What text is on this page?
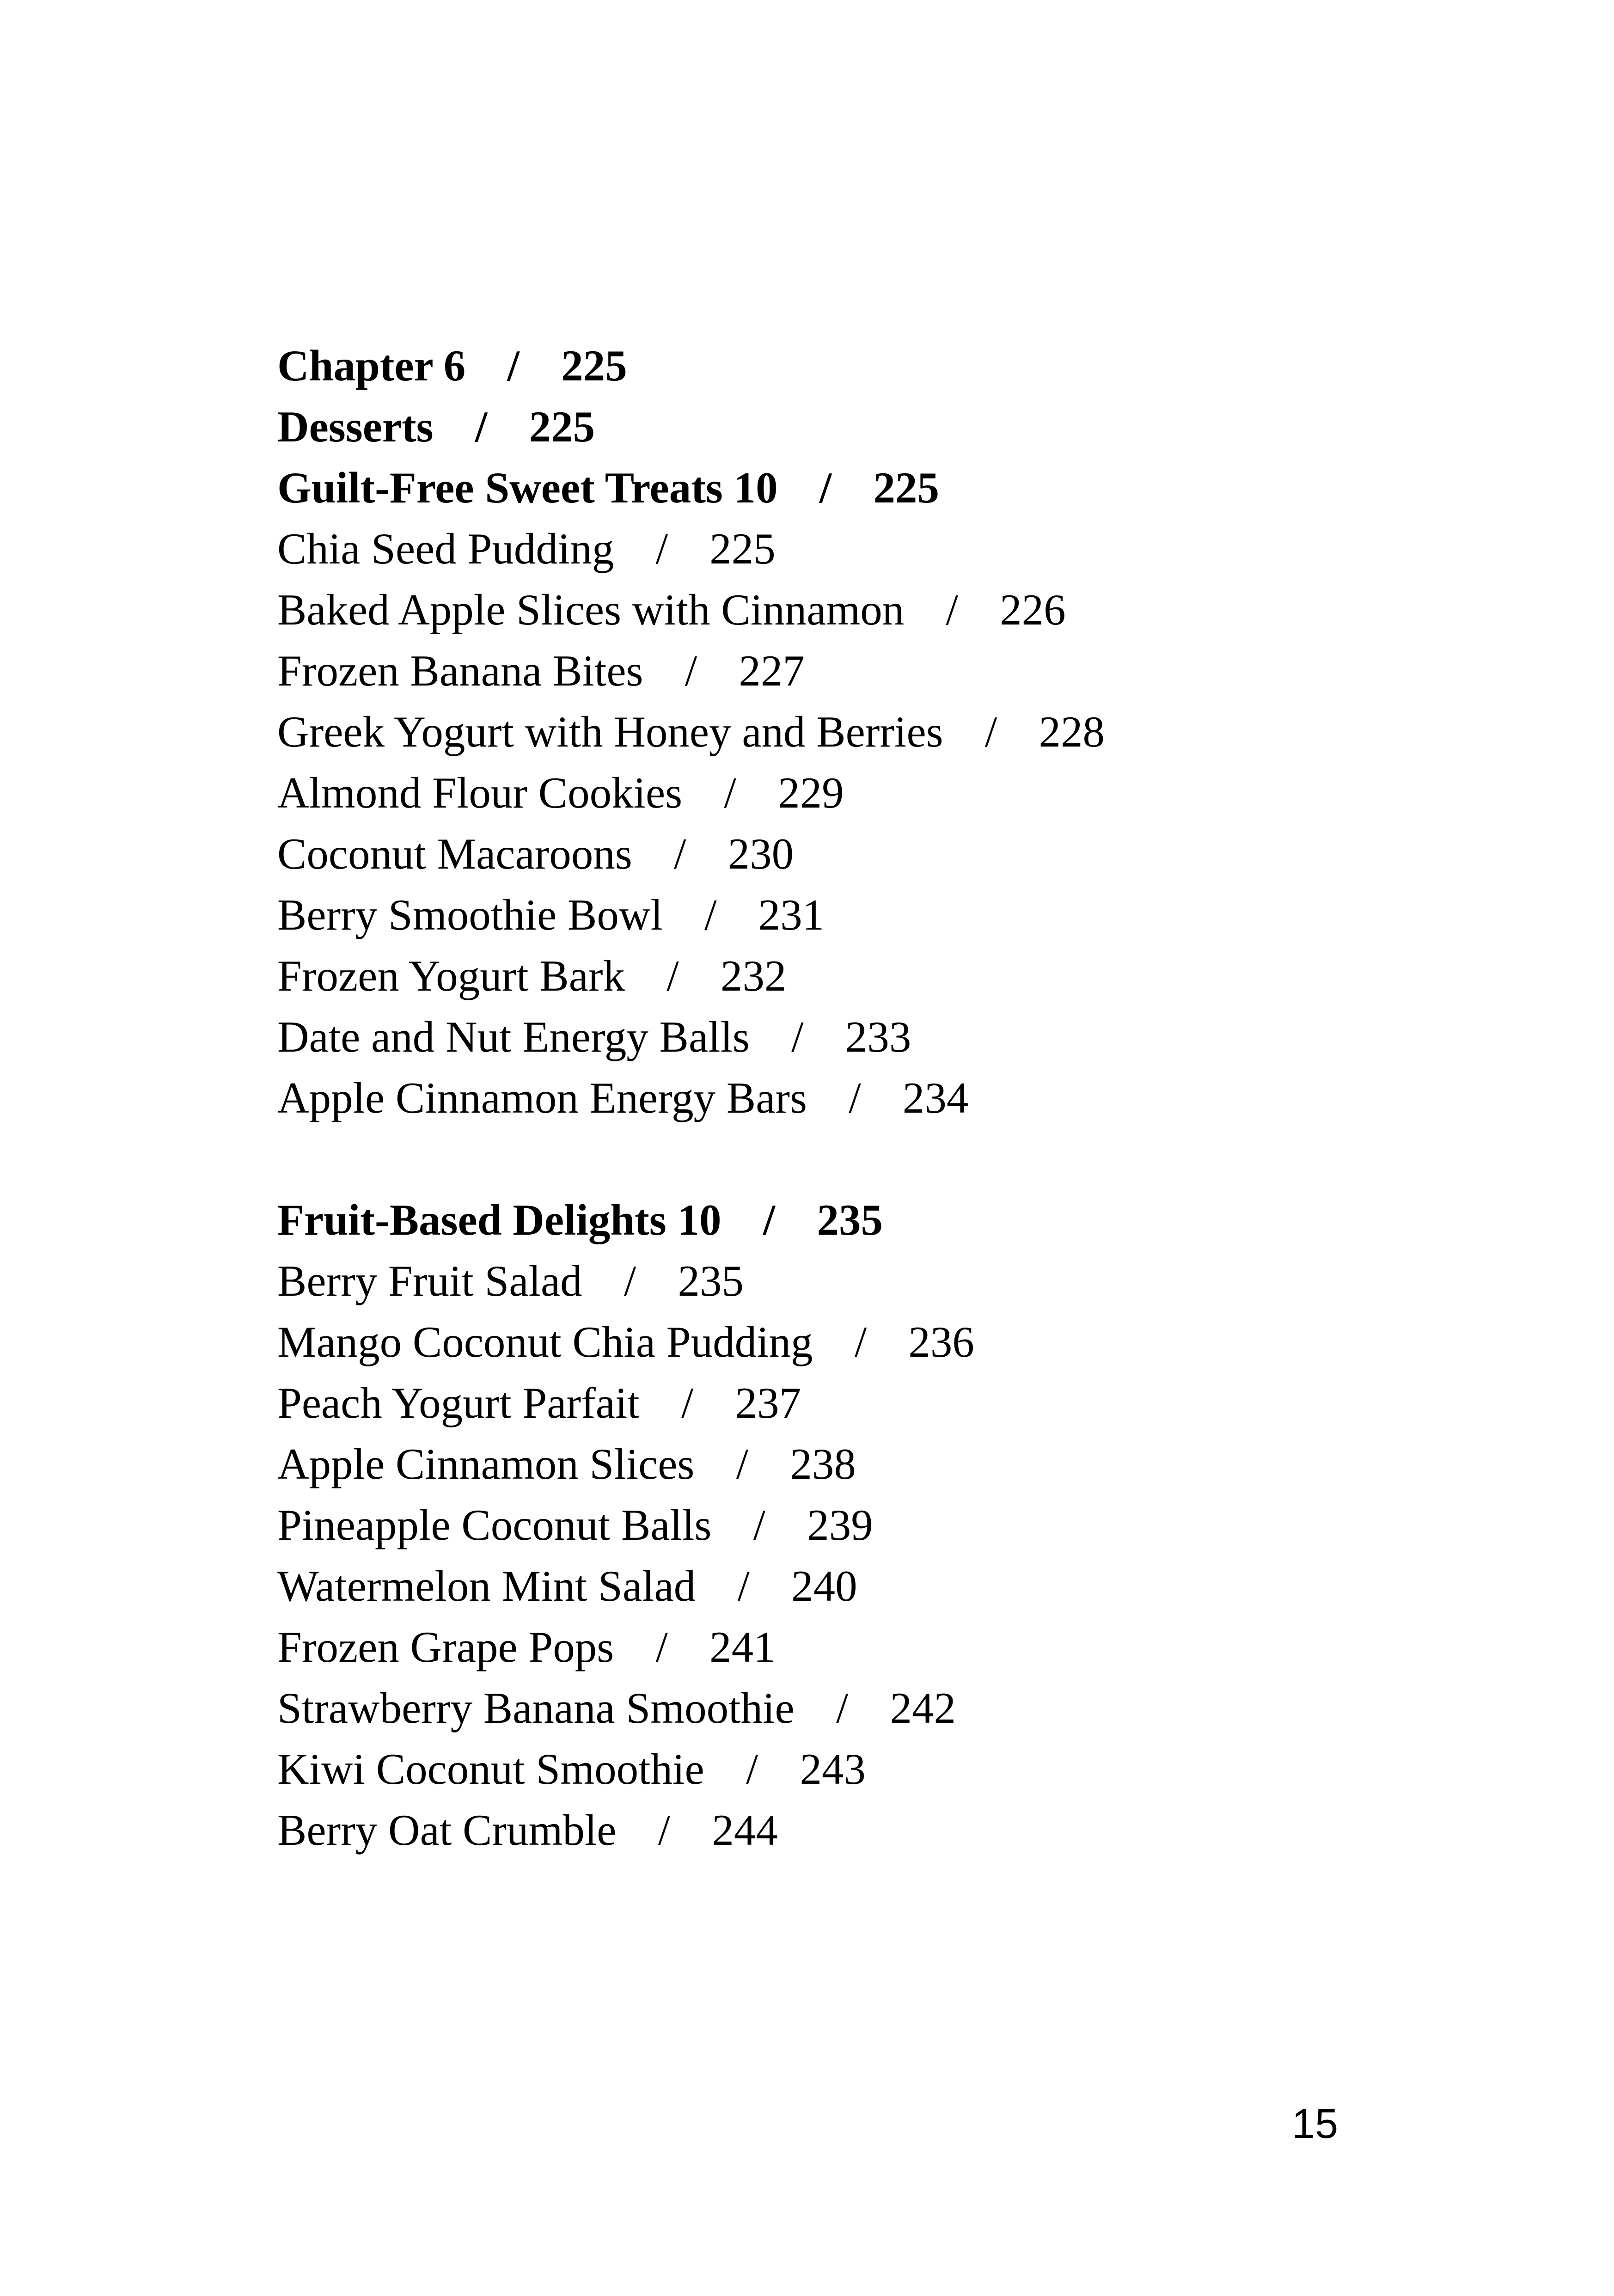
Chapter 6 / 225
Desserts / 225
Guilt-Free Sweet Treats 10 / 225
Chia Seed Pudding / 225
Baked Apple Slices with Cinnamon / 226
Frozen Banana Bites / 227
Greek Yogurt with Honey and Berries / 228
Almond Flour Cookies / 229
Coconut Macaroons / 230
Berry Smoothie Bowl / 231
Frozen Yogurt Bark / 232
Date and Nut Energy Balls / 233
Apple Cinnamon Energy Bars / 234
Fruit-Based Delights 10 / 235
Berry Fruit Salad / 235
Mango Coconut Chia Pudding / 236
Peach Yogurt Parfait / 237
Apple Cinnamon Slices / 238
Pineapple Coconut Balls / 239
Watermelon Mint Salad / 240
Frozen Grape Pops / 241
Strawberry Banana Smoothie / 242
Kiwi Coconut Smoothie / 243
Berry Oat Crumble / 244
15
